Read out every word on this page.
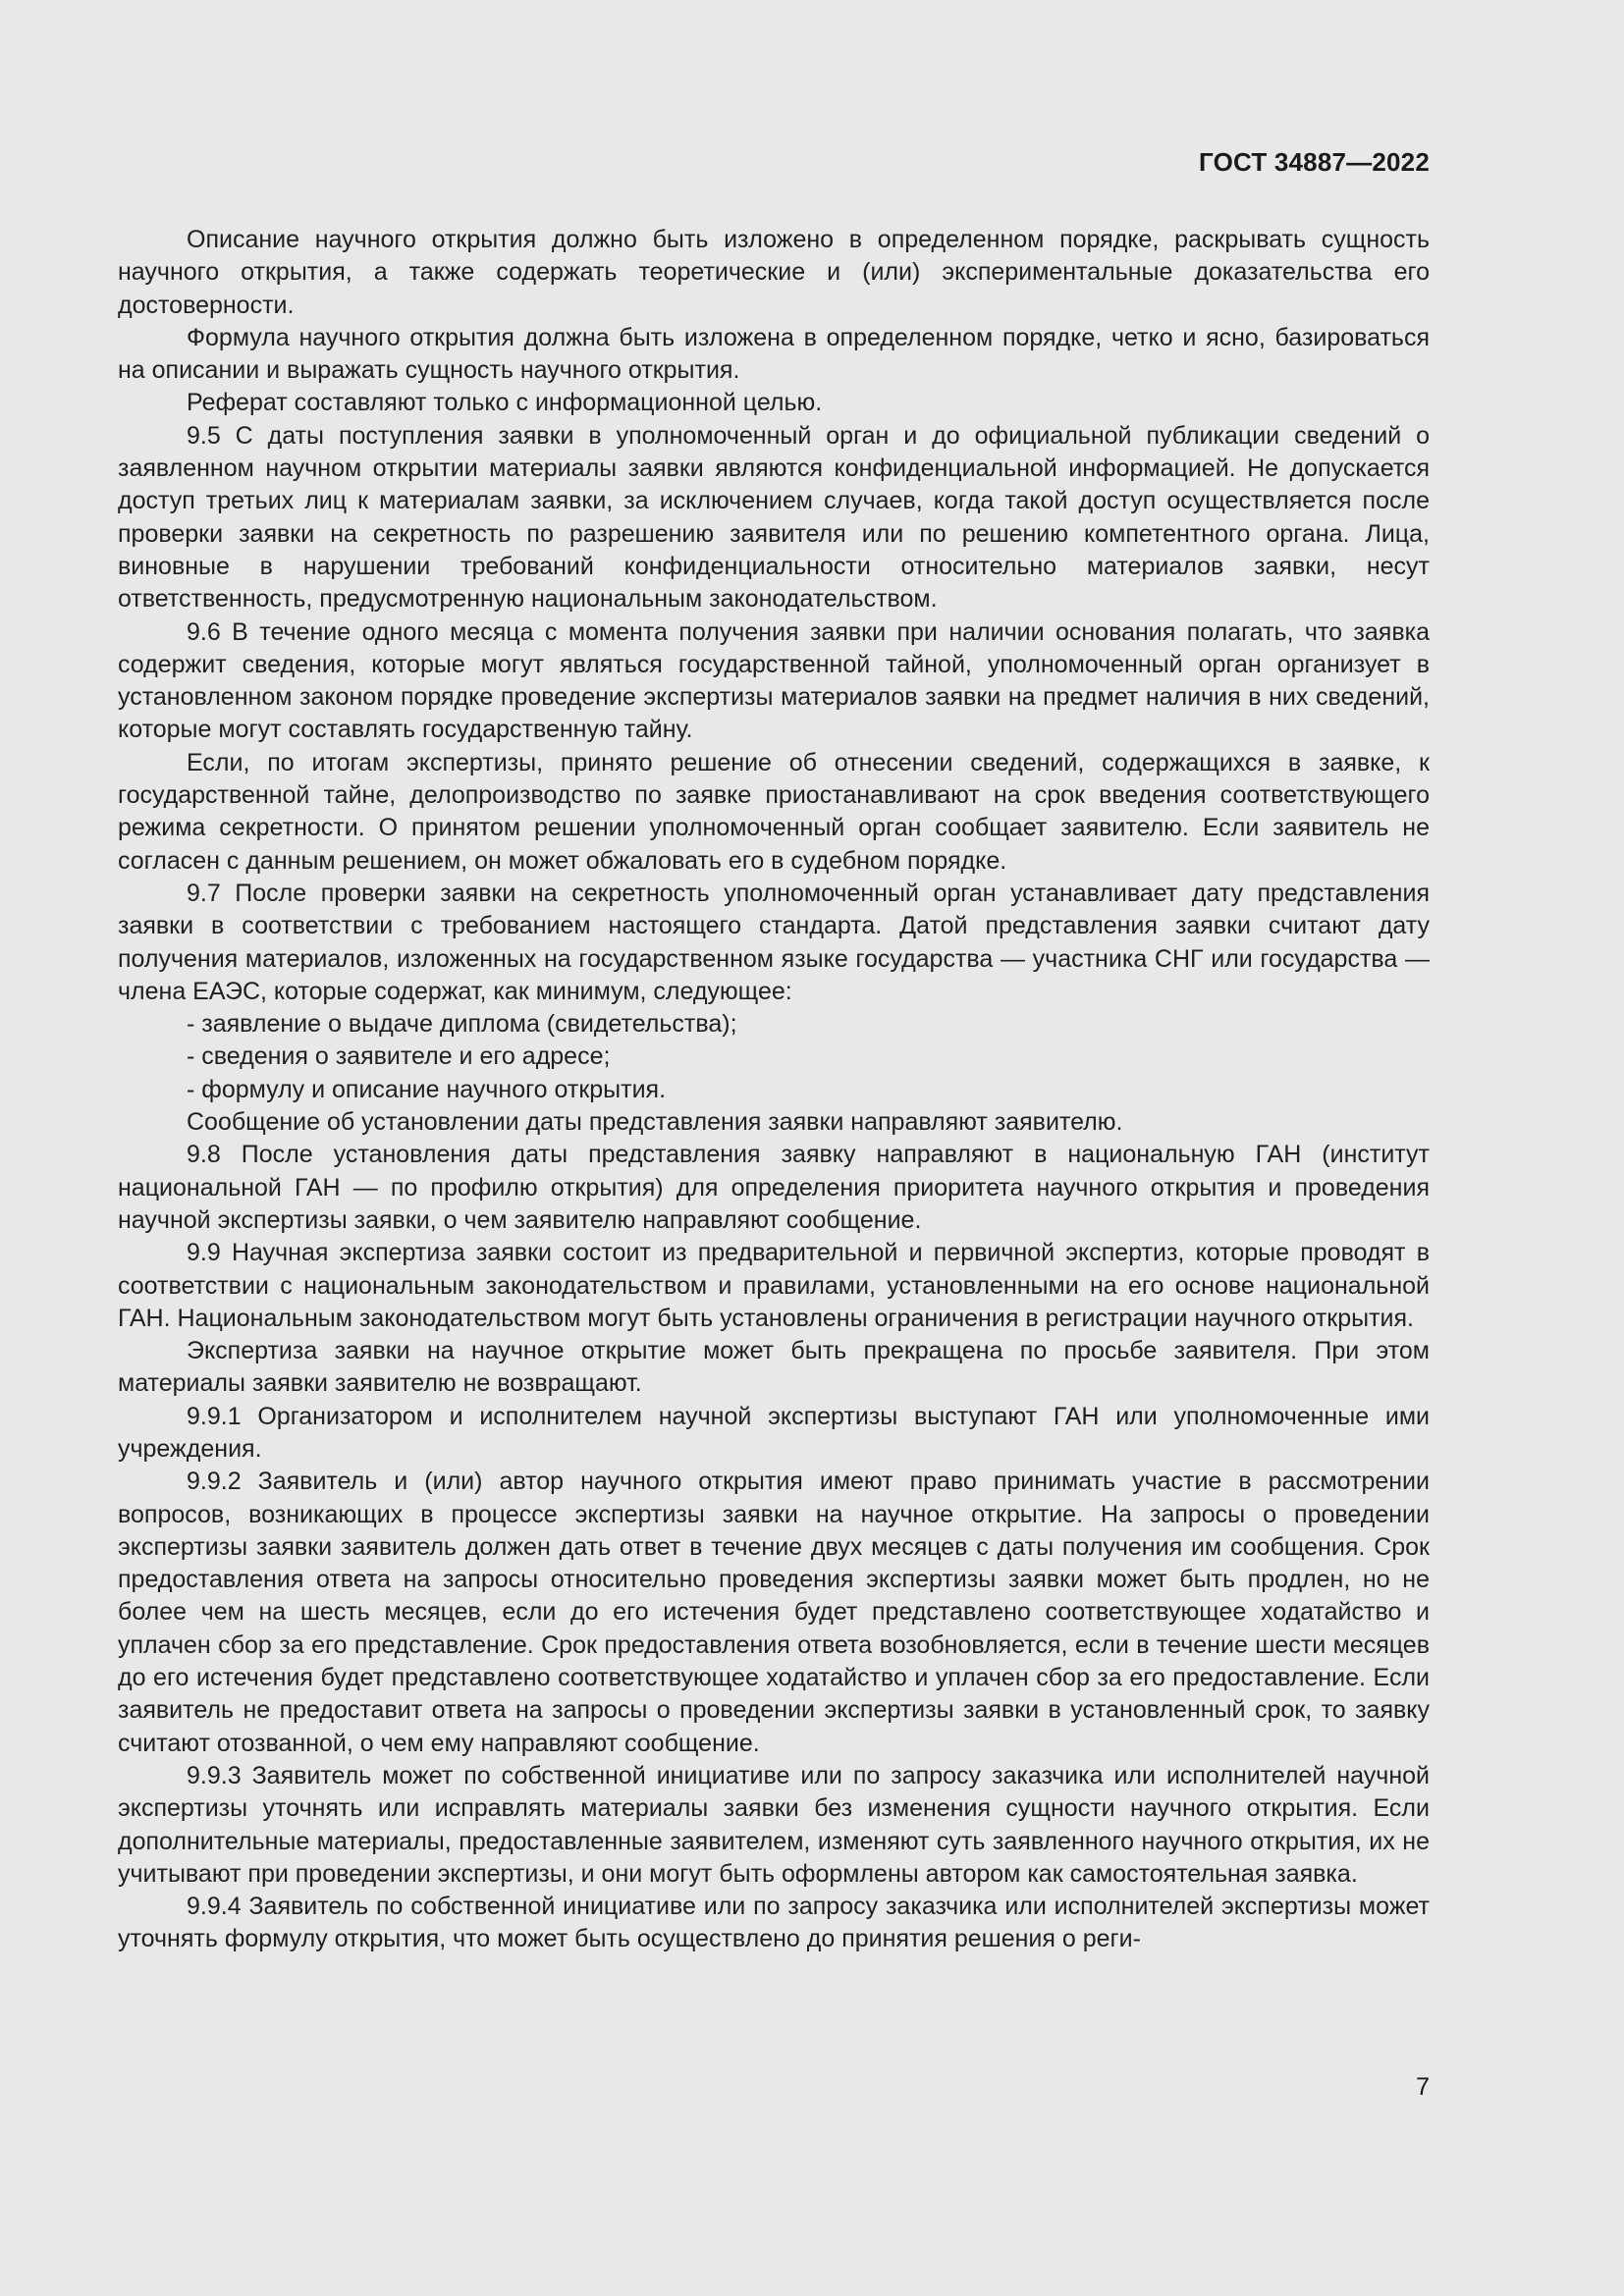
ГОСТ 34887—2022

Описание научного открытия должно быть изложено в определенном порядке, раскрывать сущность научного открытия, а также содержать теоретические и (или) экспериментальные доказательства его достоверности.

Формула научного открытия должна быть изложена в определенном порядке, четко и ясно, базироваться на описании и выражать сущность научного открытия.

Реферат составляют только с информационной целью.

9.5 С даты поступления заявки в уполномоченный орган и до официальной публикации сведений о заявленном научном открытии материалы заявки являются конфиденциальной информацией. Не допускается доступ третьих лиц к материалам заявки, за исключением случаев, когда такой доступ осуществляется после проверки заявки на секретность по разрешению заявителя или по решению компетентного органа. Лица, виновные в нарушении требований конфиденциальности относительно материалов заявки, несут ответственность, предусмотренную национальным законодательством.

9.6 В течение одного месяца с момента получения заявки при наличии основания полагать, что заявка содержит сведения, которые могут являться государственной тайной, уполномоченный орган организует в установленном законом порядке проведение экспертизы материалов заявки на предмет наличия в них сведений, которые могут составлять государственную тайну.

Если, по итогам экспертизы, принято решение об отнесении сведений, содержащихся в заявке, к государственной тайне, делопроизводство по заявке приостанавливают на срок введения соответствующего режима секретности. О принятом решении уполномоченный орган сообщает заявителю. Если заявитель не согласен с данным решением, он может обжаловать его в судебном порядке.

9.7 После проверки заявки на секретность уполномоченный орган устанавливает дату представления заявки в соответствии с требованием настоящего стандарта. Датой представления заявки считают дату получения материалов, изложенных на государственном языке государства — участника СНГ или государства — члена ЕАЭС, которые содержат, как минимум, следующее:

- заявление о выдаче диплома (свидетельства);

- сведения о заявителе и его адресе;

- формулу и описание научного открытия.

Сообщение об установлении даты представления заявки направляют заявителю.

9.8 После установления даты представления заявку направляют в национальную ГАН (институт национальной ГАН — по профилю открытия) для определения приоритета научного открытия и проведения научной экспертизы заявки, о чем заявителю направляют сообщение.

9.9 Научная экспертиза заявки состоит из предварительной и первичной экспертиз, которые проводят в соответствии с национальным законодательством и правилами, установленными на его основе национальной ГАН. Национальным законодательством могут быть установлены ограничения в регистрации научного открытия.

Экспертиза заявки на научное открытие может быть прекращена по просьбе заявителя. При этом материалы заявки заявителю не возвращают.

9.9.1 Организатором и исполнителем научной экспертизы выступают ГАН или уполномоченные ими учреждения.

9.9.2 Заявитель и (или) автор научного открытия имеют право принимать участие в рассмотрении вопросов, возникающих в процессе экспертизы заявки на научное открытие. На запросы о проведении экспертизы заявки заявитель должен дать ответ в течение двух месяцев с даты получения им сообщения. Срок предоставления ответа на запросы относительно проведения экспертизы заявки может быть продлен, но не более чем на шесть месяцев, если до его истечения будет представлено соответствующее ходатайство и уплачен сбор за его представление. Срок предоставления ответа возобновляется, если в течение шести месяцев до его истечения будет представлено соответствующее ходатайство и уплачен сбор за его предоставление. Если заявитель не предоставит ответа на запросы о проведении экспертизы заявки в установленный срок, то заявку считают отозванной, о чем ему направляют сообщение.

9.9.3 Заявитель может по собственной инициативе или по запросу заказчика или исполнителей научной экспертизы уточнять или исправлять материалы заявки без изменения сущности научного открытия. Если дополнительные материалы, предоставленные заявителем, изменяют суть заявленного научного открытия, их не учитывают при проведении экспертизы, и они могут быть оформлены автором как самостоятельная заявка.

9.9.4 Заявитель по собственной инициативе или по запросу заказчика или исполнителей экспертизы может уточнять формулу открытия, что может быть осуществлено до принятия решения о реги-

7
